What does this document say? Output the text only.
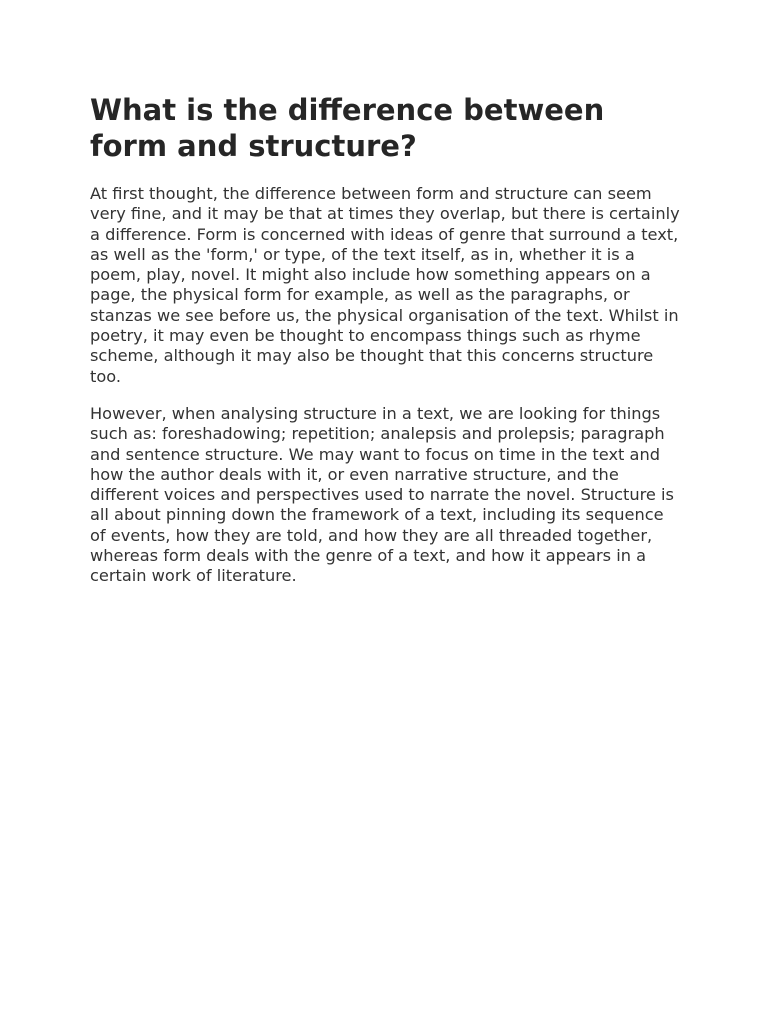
What is the difference between form and structure?

At first thought, the difference between form and structure can seem very fine, and it may be that at times they overlap, but there is certainly a difference. Form is concerned with ideas of genre that surround a text, as well as the 'form,' or type, of the text itself, as in, whether it is a poem, play, novel. It might also include how something appears on a page, the physical form for example, as well as the paragraphs, or stanzas we see before us, the physical organisation of the text. Whilst in poetry, it may even be thought to encompass things such as rhyme scheme, although it may also be thought that this concerns structure too.

However, when analysing structure in a text, we are looking for things such as: foreshadowing; repetition; analepsis and prolepsis; paragraph and sentence structure. We may want to focus on time in the text and how the author deals with it, or even narrative structure, and the different voices and perspectives used to narrate the novel. Structure is all about pinning down the framework of a text, including its sequence of events, how they are told, and how they are all threaded together, whereas form deals with the genre of a text, and how it appears in a certain work of literature.
